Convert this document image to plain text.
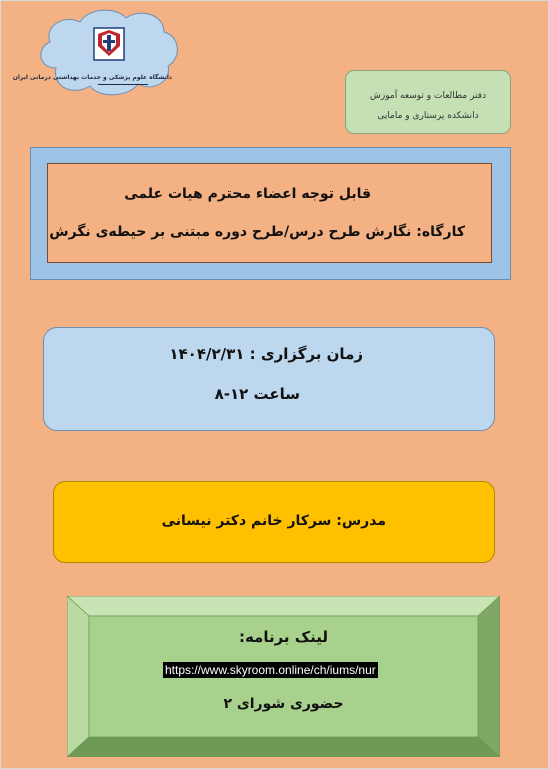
دانشگاه علوم پزشکی و خدمات بهداشتی درمانی ایران
دفتر مطالعات و توسعه آموزش
دانشکده پرستاری و مامایی
قابل توجه اعضاء محترم هیات علمی
کارگاه: نگارش طرح درس/طرح دوره مبتنی بر حیطه‌ی نگرش
زمان برگزاری : ۱۴۰۴/۲/۳۱
ساعت ۱۲-۸
مدرس: سرکار خانم دکتر نیسانی
لینک برنامه:
https://www.skyroom.online/ch/iums/nur
حضوری شورای ۲
